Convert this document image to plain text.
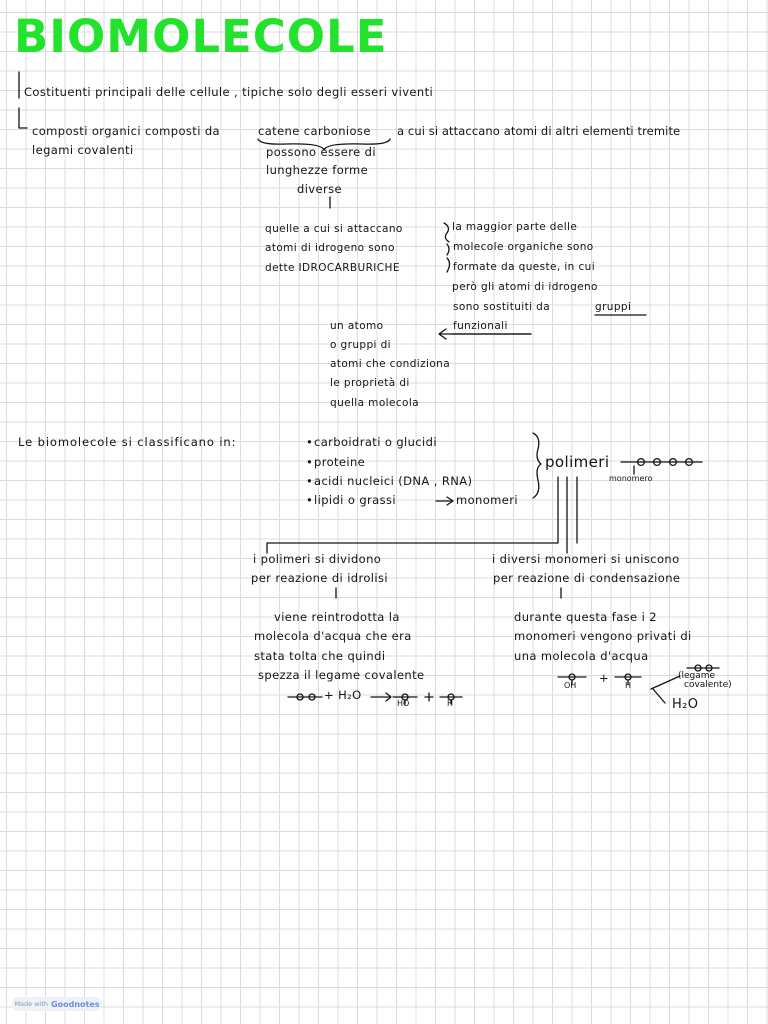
BIOMOLECOLE
Costituenti principali delle cellule , tipiche solo degli esseri viventi
composti organici composti da	catene carboniose a cui si attaccano atomi di altri elementi tremite
legami covalenti	possono essere di
lunghezze forme
diverse
quelle a cui si attaccano
atomi di idrogeno sono
dette IDROCARBURICHE
la maggior parte delle
molecole organiche sono
formate da queste, in cui
però gli atomi di idrogeno
sono sostituiti da	gruppi
funzionali
un atomo
o gruppi di
atomi che condiziona
le proprietà di
quella molecola
Le biomolecole si classificano in:	• carboidrati o glucidi
• proteine
• acidi nucleici (DNA , RNA)
• lipidi o grassi	monomeri
polimeri
monomero
i polimeri si dividono
per reazione di idrolisi
viene reintrodotta la
molecola d'acqua che era
stata tolta che quindi
spezza il legame covalente
+ H₂O
HO	H
i diversi monomeri si uniscono
per reazione di condensazione
durante questa fase i 2
monomeri vengono privati di
una molecola d'acqua
OH	H
+	(legame
covalente)
H₂O
Made with Goodnotes
